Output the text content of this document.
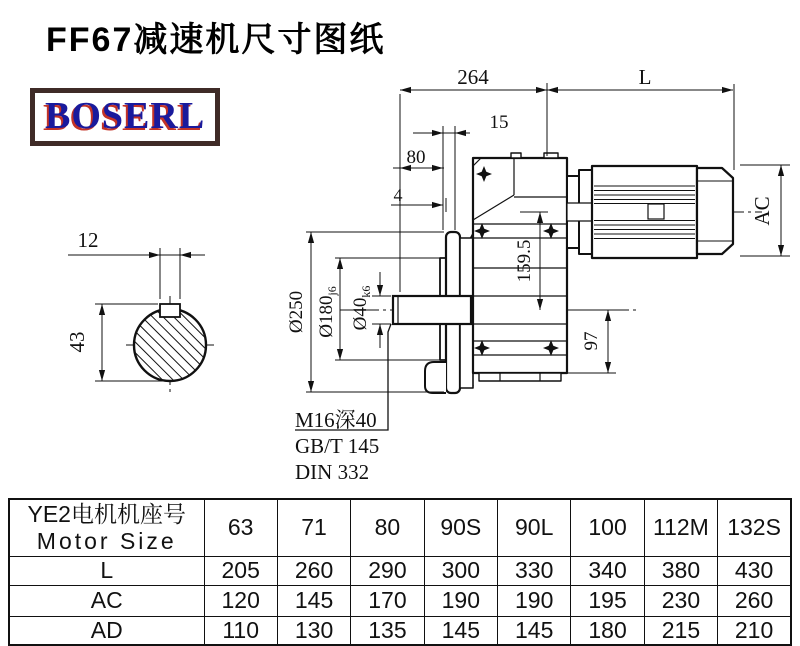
FF67减速机尺寸图纸
BOSERL
264	L
15
80
4
AC
159.5
97
Ø250 $Ø180_{j6}$
$Ø40_{k6}$
12
43
M16深40
GB/T 145
DIN 332
YE2电机机座号
Motor Size	63	71	80	90S	90L	100	112M	132S
L	205	260	290	300	330	340	380	430
AC	120	145	170	190	190	195	230	260
AD	110	130	135	145	145	180	215	210
